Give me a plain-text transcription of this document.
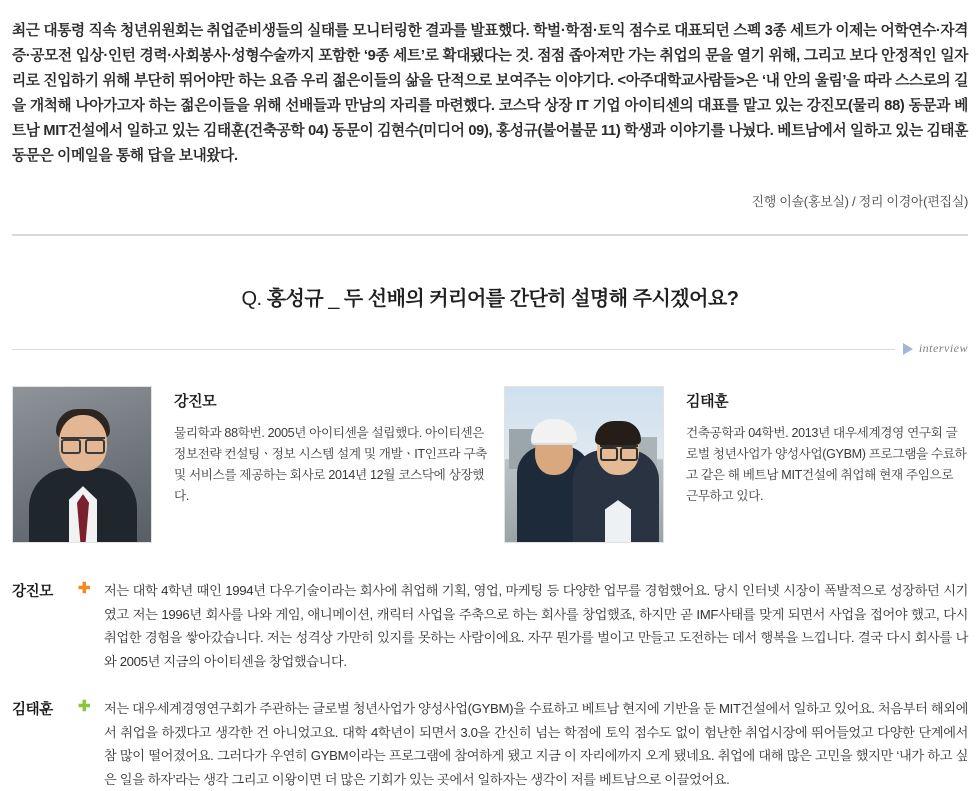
최근 대통령 직속 청년위원회는 취업준비생들의 실태를 모니터링한 결과를 발표했다. 학벌·학점·토익 점수로 대표되던 스펙 3종 세트가 이제는 어학연수·자격증·공모전 입상·인턴 경력·사회봉사·성형수술까지 포함한 ‘9종 세트’로 확대됐다는 것. 점점 좁아져만 가는 취업의 문을 열기 위해, 그리고 보다 안정적인 일자리로 진입하기 위해 부단히 뛰어야만 하는 요즘 우리 젊은이들의 삶을 단적으로 보여주는 이야기다. <아주대학교사람들>은 ‘내 안의 울림’을 따라 스스로의 길을 개척해 나아가고자 하는 젊은이들을 위해 선배들과 만남의 자리를 마련했다. 코스닥 상장 IT 기업 아이티센의 대표를 맡고 있는 강진모(물리 88) 동문과 베트남 MIT건설에서 일하고 있는 김태훈(건축공학 04) 동문이 김현수(미디어 09), 홍성규(불어불문 11) 학생과 이야기를 나눴다. 베트남에서 일하고 있는 김태훈 동문은 이메일을 통해 답을 보내왔다.

진행 이솔(홍보실) / 정리 이경아(편집실)
Q. 홍성규 _ 두 선배의 커리어를 간단히 설명해 주시겠어요?
interview
강진모
물리학과 88학번. 2005년 아이티센을 설립했다. 아이티센은 정보전략 컨설팅ㆍ정보 시스템 설계 및 개발ㆍIT인프라 구축 및 서비스를 제공하는 회사로 2014년 12월 코스닥에 상장했다.
김태훈
건축공학과 04학번. 2013년 대우세계경영 연구회 글로벌 청년사업가 양성사업(GYBM) 프로그램을 수료하고 같은 해 베트남 MIT건설에 취업해 현재 주임으로 근무하고 있다.
강진모	✚	저는 대학 4학년 때인 1994년 다우기술이라는 회사에 취업해 기획, 영업, 마케팅 등 다양한 업무를 경험했어요. 당시 인터넷 시장이 폭발적으로 성장하던 시기였고 저는 1996년 회사를 나와 게임, 애니메이션, 캐릭터 사업을 주축으로 하는 회사를 창업했죠, 하지만 곧 IMF사태를 맞게 되면서 사업을 접어야 했고, 다시 취업한 경험을 쌓아갔습니다. 저는 성격상 가만히 있지를 못하는 사람이에요. 자꾸 뭔가를 벌이고 만들고 도전하는 데서 행복을 느낍니다. 결국 다시 회사를 나와 2005년 지금의 아이티센을 창업했습니다.
김태훈	✚	저는 대우세계경영연구회가 주관하는 글로벌 청년사업가 양성사업(GYBM)을 수료하고 베트남 현지에 기반을 둔 MIT건설에서 일하고 있어요. 처음부터 해외에서 취업을 하겠다고 생각한 건 아니었고요. 대학 4학년이 되면서 3.0을 간신히 넘는 학점에 토익 점수도 없이 험난한 취업시장에 뛰어들었고 다양한 단계에서 참 많이 떨어졌어요. 그러다가 우연히 GYBM이라는 프로그램에 참여하게 됐고 지금 이 자리에까지 오게 됐네요. 취업에 대해 많은 고민을 했지만 ‘내가 하고 싶은 일을 하자’라는 생각 그리고 이왕이면 더 많은 기회가 있는 곳에서 일하자는 생각이 저를 베트남으로 이끌었어요.
